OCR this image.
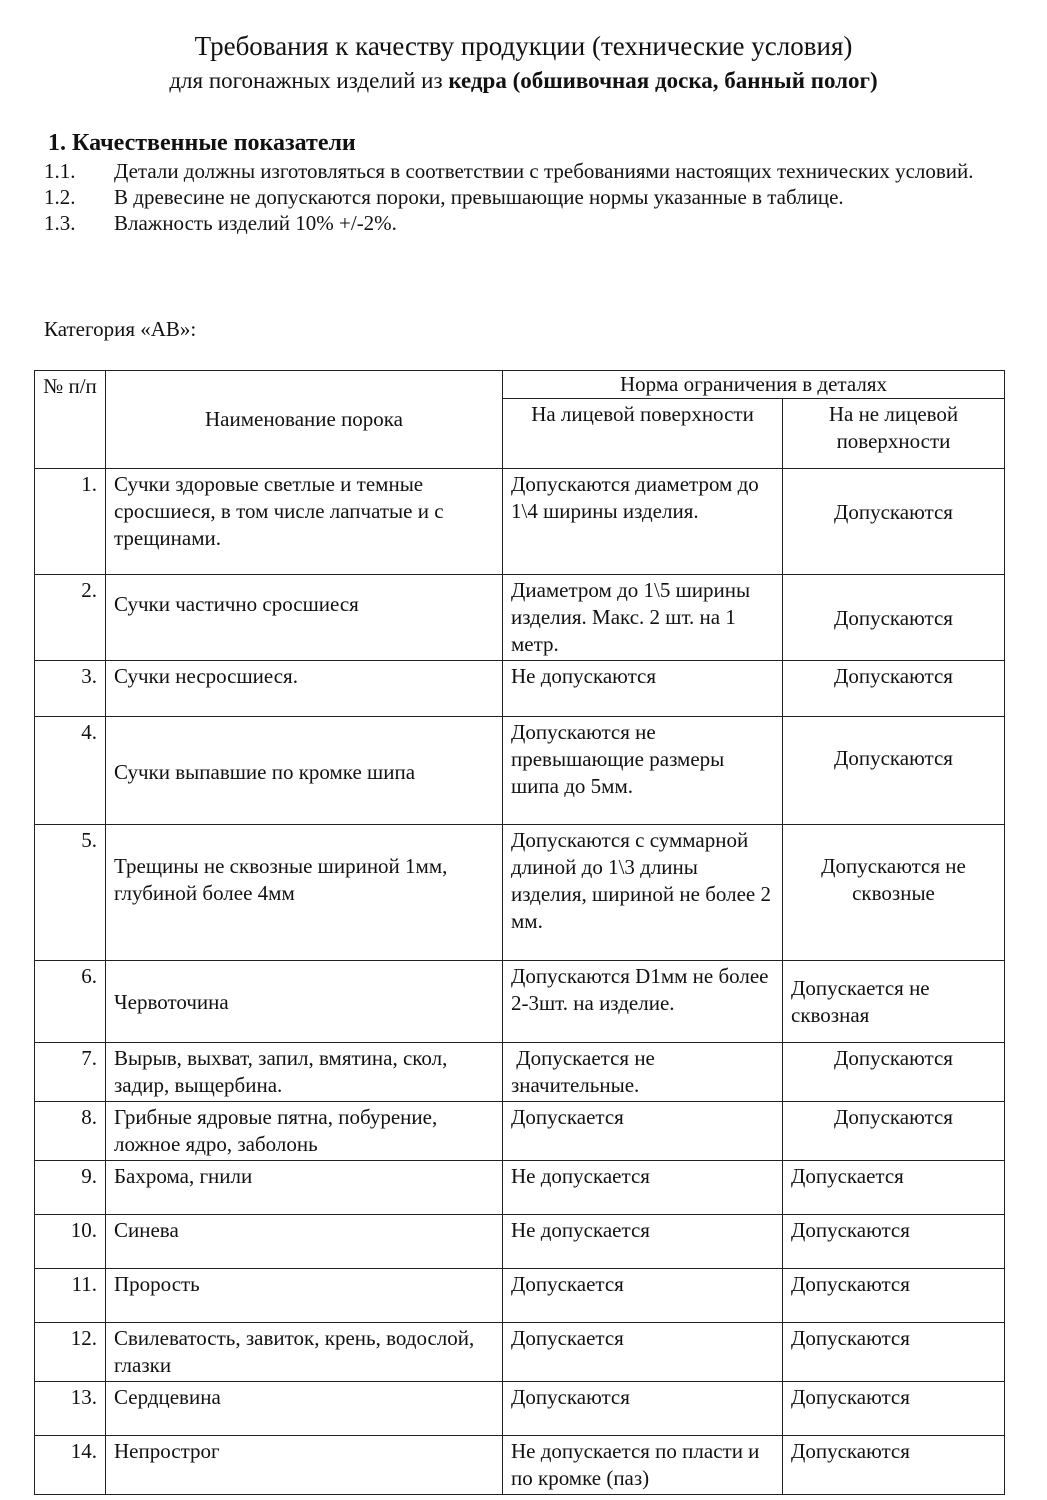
Требования к качеству продукции (технические условия)
для погонажных изделий из кедра (обшивочная доска, банный полог)
1. Качественные показатели
1.1.	Детали должны изготовляться в соответствии с требованиями настоящих технических условий.
1.2.	В древесине не допускаются пороки, превышающие нормы указанные в таблице.
1.3.	Влажность изделий 10% +/-2%.
Категория «АВ»:
№ п/п	Наименование порока	Норма ограничения в деталях	
		На лицевой поверхности	На не лицевой поверхности
1.	Сучки здоровые светлые и темные сросшиеся, в том числе лапчатые и с трещинами.	Допускаются диаметром до 1\4 ширины изделия.	Допускаются
2.	Сучки частично сросшиеся	Диаметром до 1\5 ширины изделия. Макс. 2 шт. на 1 метр.	Допускаются
3.	Сучки несросшиеся.	Не допускаются	Допускаются
4.	Сучки выпавшие по кромке шипа	Допускаются не превышающие размеры шипа до 5мм.	Допускаются
5.	Трещины не сквозные шириной 1мм, глубиной более 4мм	Допускаются с суммарной длиной до 1\3 длины изделия, шириной не более 2 мм.	Допускаются не сквозные
6.	Червоточина	Допускаются D1мм не более 2-3шт. на изделие.	Допускается не сквозная
7.	Вырыв, выхват, запил, вмятина, скол, задир, выщербина.	Допускается не значительные.	Допускаются
8.	Грибные ядровые пятна, побурение, ложное ядро, заболонь	Допускается	Допускаются
9.	Бахрома, гнили	Не допускается	Допускается
10.	Синева	Не допускается	Допускаются
11.	Прорость	Допускается	Допускаются
12.	Свилеватость, завиток, крень, водослой, глазки	Допускается	Допускаются
13.	Сердцевина	Допускаются	Допускаются
14.	Непрострог	Не допускается по пласти и по кромке (паз)	Допускаются
